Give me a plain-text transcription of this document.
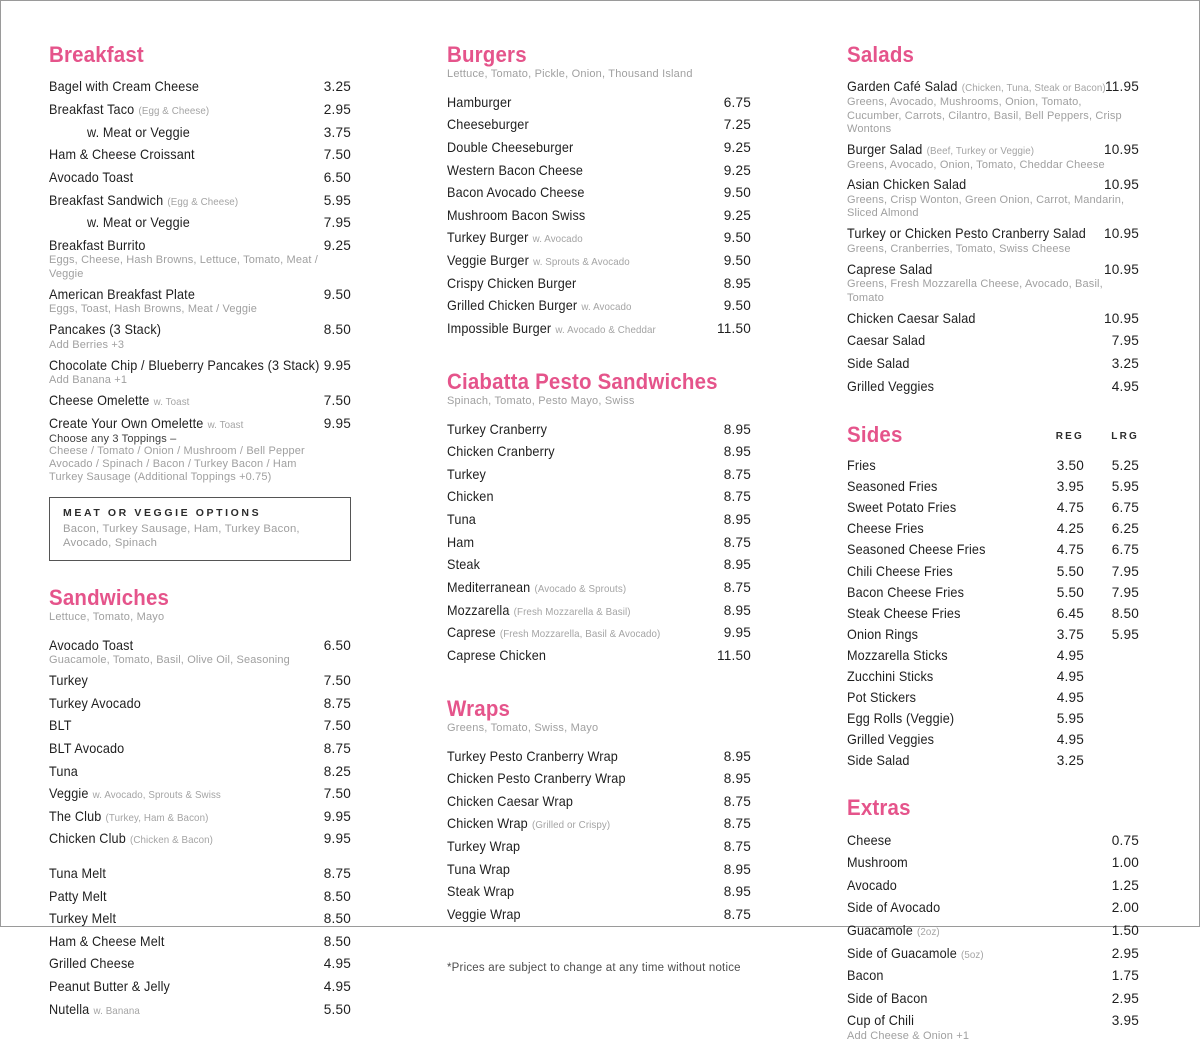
Breakfast
Bagel with Cream Cheese	3.25
Breakfast Taco (Egg & Cheese)	2.95
w. Meat or Veggie	3.75
Ham & Cheese Croissant	7.50
Avocado Toast	6.50
Breakfast Sandwich (Egg & Cheese)	5.95
w. Meat or Veggie	7.95
Breakfast Burrito	9.25
Eggs, Cheese, Hash Browns, Lettuce, Tomato, Meat / Veggie
American Breakfast Plate	9.50
Eggs, Toast, Hash Browns, Meat / Veggie
Pancakes (3 Stack)	8.50
Add Berries +3
Chocolate Chip / Blueberry Pancakes (3 Stack) 9.95
Add Banana +1
Cheese Omelette w. Toast	7.50
Create Your Own Omelette w. Toast	9.95
Choose any 3 Toppings –
Cheese / Tomato / Onion / Mushroom / Bell Pepper
Avocado / Spinach / Bacon / Turkey Bacon / Ham
Turkey Sausage (Additional Toppings +0.75)
MEAT OR VEGGIE OPTIONS
Bacon, Turkey Sausage, Ham, Turkey Bacon, Avocado, Spinach
Sandwiches
Lettuce, Tomato, Mayo
Avocado Toast	6.50
Guacamole, Tomato, Basil, Olive Oil, Seasoning
Turkey	7.50
Turkey Avocado	8.75
BLT	7.50
BLT Avocado	8.75
Tuna	8.25
Veggie w. Avocado, Sprouts & Swiss	7.50
The Club (Turkey, Ham & Bacon)	9.95
Chicken Club (Chicken & Bacon)	9.95
Tuna Melt	8.75
Patty Melt	8.50
Turkey Melt	8.50
Ham & Cheese Melt	8.50
Grilled Cheese	4.95
Peanut Butter & Jelly	4.95
Nutella w. Banana	5.50
Burgers
Lettuce, Tomato, Pickle, Onion, Thousand Island
Hamburger	6.75
Cheeseburger	7.25
Double Cheeseburger	9.25
Western Bacon Cheese	9.25
Bacon Avocado Cheese	9.50
Mushroom Bacon Swiss	9.25
Turkey Burger w. Avocado	9.50
Veggie Burger w. Sprouts & Avocado	9.50
Crispy Chicken Burger	8.95
Grilled Chicken Burger w. Avocado	9.50
Impossible Burger w. Avocado & Cheddar	11.50
Ciabatta Pesto Sandwiches
Spinach, Tomato, Pesto Mayo, Swiss
Turkey Cranberry	8.95
Chicken Cranberry	8.95
Turkey	8.75
Chicken	8.75
Tuna	8.95
Ham	8.75
Steak	8.95
Mediterranean (Avocado & Sprouts)	8.75
Mozzarella (Fresh Mozzarella & Basil)	8.95
Caprese (Fresh Mozzarella, Basil & Avocado)	9.95
Caprese Chicken	11.50
Wraps
Greens, Tomato, Swiss, Mayo
Turkey Pesto Cranberry Wrap	8.95
Chicken Pesto Cranberry Wrap	8.95
Chicken Caesar Wrap	8.75
Chicken Wrap (Grilled or Crispy)	8.75
Turkey Wrap	8.75
Tuna Wrap	8.95
Steak Wrap	8.95
Veggie Wrap	8.75
*Prices are subject to change at any time without notice
Salads
Garden Café Salad (Chicken, Tuna, Steak or Bacon) 11.95
Greens, Avocado, Mushrooms, Onion, Tomato, Cucumber, Carrots, Cilantro, Basil, Bell Peppers, Crisp Wontons
Burger Salad (Beef, Turkey or Veggie)	10.95
Greens, Avocado, Onion, Tomato, Cheddar Cheese
Asian Chicken Salad	10.95
Greens, Crisp Wonton, Green Onion, Carrot, Mandarin, Sliced Almond
Turkey or Chicken Pesto Cranberry Salad	10.95
Greens, Cranberries, Tomato, Swiss Cheese
Caprese Salad	10.95
Greens, Fresh Mozzarella Cheese, Avocado, Basil, Tomato
Chicken Caesar Salad	10.95
Caesar Salad	7.95
Side Salad	3.25
Grilled Veggies	4.95
Sides	REG	LRG
Fries	3.50	5.25
Seasoned Fries	3.95	5.95
Sweet Potato Fries	4.75	6.75
Cheese Fries	4.25	6.25
Seasoned Cheese Fries	4.75	6.75
Chili Cheese Fries	5.50	7.95
Bacon Cheese Fries	5.50	7.95
Steak Cheese Fries	6.45	8.50
Onion Rings	3.75	5.95
Mozzarella Sticks	4.95
Zucchini Sticks	4.95
Pot Stickers	4.95
Egg Rolls (Veggie)	5.95
Grilled Veggies	4.95
Side Salad	3.25
Extras
Cheese	0.75
Mushroom	1.00
Avocado	1.25
Side of Avocado	2.00
Guacamole (2oz)	1.50
Side of Guacamole (5oz)	2.95
Bacon	1.75
Side of Bacon	2.95
Cup of Chili	3.95
Add Cheese & Onion +1
